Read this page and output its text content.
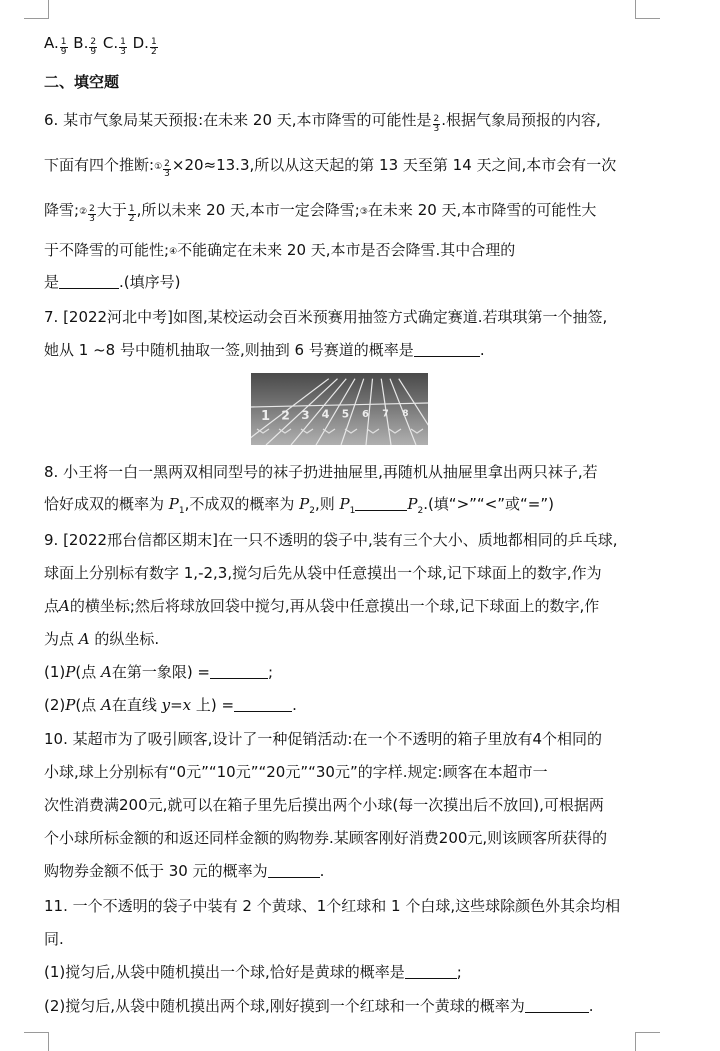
A. $\frac{1}{9} B$. $\frac{2}{9} C$. $\frac{1}{3} D$. $\frac{1}{2}$
二、填空题
6. 某市气象局某天预报:在未来 20 天,本市降雪的可能性是 $\frac{2}{3}$ .根据气象局预报的内容,
下面有四个推断:① $\frac{2}{3} \times 20\approx 13.3$,所以从这天起的第 13 天至第 14 天之间,本市会有一次
降雪;② $\frac{2}{3}$ 大于 $\frac{1}{2}$ ,所以未来 20 天,本市一定会降雪;③在未来 20 天,本市降雪的可能性大
于不降雪的可能性;④不能确定在未来 20 天,本市是否会降雪.其中合理的
是	.(填序号)
7. [2022河北中考]如图,某校运动会百米预赛用抽签方式确定赛道.若琪琪第一个抽签,
她从 1 ~8 号中随机抽取一签,则抽到 6 号赛道的概率是	.
1 2 3 4 5 6 7 8
8. 小王将一白一黑两双相同型号的袜子扔进抽屉里,再随机从抽屉里拿出两只袜子,若
恰好成双的概率为 $P_1$,不成双的概率为 $P_2$,则 $P_1$	$P_2$.(填“>”“<”或“=”)
9. [2022邢台信都区期末]在一只不透明的袋子中,装有三个大小、质地都相同的乒乓球,
球面上分别标有数字 1,-2,3,搅匀后先从袋中任意摸出一个球,记下球面上的数字,作为
点A的横坐标;然后将球放回袋中搅匀,再从袋中任意摸出一个球,记下球面上的数字,作
为点 A 的纵坐标.
(1)P(点 A在第一象限) =	;
(2)P(点 A在直线 y=x 上) =	.
10. 某超市为了吸引顾客,设计了一种促销活动:在一个不透明的箱子里放有4个相同的
小球,球上分别标有“0元”“10元”“20元”“30元”的字样.规定:顾客在本超市一
次性消费满200元,就可以在箱子里先后摸出两个小球(每一次摸出后不放回),可根据两
个小球所标金额的和返还同样金额的购物券.某顾客刚好消费200元,则该顾客所获得的
购物券金额不低于 30 元的概率为	.
11. 一个不透明的袋子中装有 2 个黄球、1个红球和 1 个白球,这些球除颜色外其余均相
同.
(1)搅匀后,从袋中随机摸出一个球,恰好是黄球的概率是	;
(2)搅匀后,从袋中随机摸出两个球,刚好摸到一个红球和一个黄球的概率为	.
